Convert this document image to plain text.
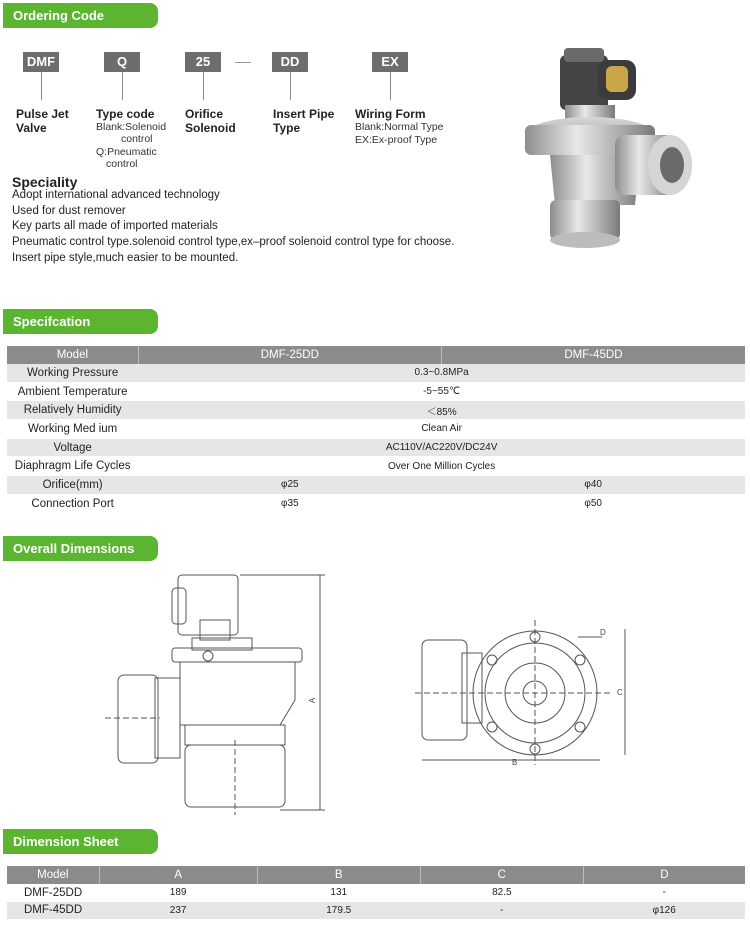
Ordering Code
DMF	Q	25	DD	EX
Pulse Jet Valve
Type code
Blank:Solenoid
control
Q:Pneumatic
control
Orifice Solenoid
Insert Pipe Type
Wiring Form
Blank:Normal Type
EX:Ex-proof Type
Speciality
Adopt international advanced technology
Used for dust remover
Key parts all made of imported materials
Pneumatic control type.solenoid control type,ex–proof solenoid control type for choose.
Insert pipe style,much easier to be mounted.
Specifcation
Model	DMF-25DD	DMF-45DD
Working Pressure	0.3~0.8MPa	
Ambient Temperature	-5~55℃	
Relatively Humidity	＜85%	
Working Med ium	Clean Air	
Voltage	AC110V/AC220V/DC24V	
Diaphragm Life Cycles	Over One Million Cycles	
Orifice(mm)	φ25	φ40
Connection Port	φ35	φ50
Overall Dimensions
A
B
C
D
Dimension Sheet
Model	A	B	C	D
DMF-25DD	189	131	82.5	-
DMF-45DD	237	179.5	-	φ126
